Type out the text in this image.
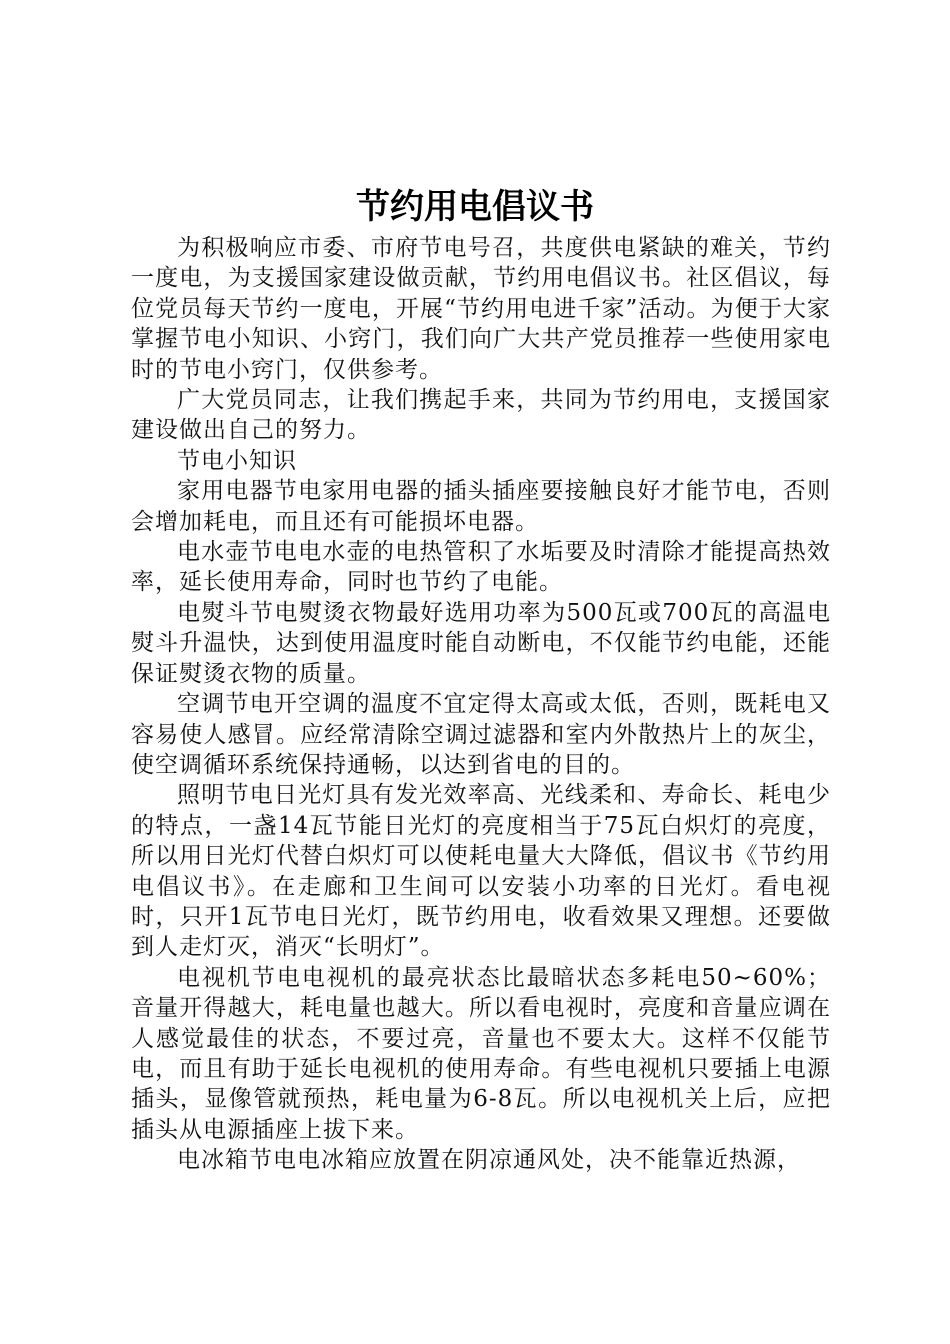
节约用电倡议书

为积极响应市委、市府节电号召，共度供电紧缺的难关，节约一度电，为支援国家建设做贡献，节约用电倡议书。社区倡议，每位党员每天节约一度电，开展“节约用电进千家”活动。为便于大家掌握节电小知识、小窍门，我们向广大共产党员推荐一些使用家电时的节电小窍门，仅供参考。

广大党员同志，让我们携起手来，共同为节约用电，支援国家建设做出自己的努力。

节电小知识

家用电器节电家用电器的插头插座要接触良好才能节电，否则会增加耗电，而且还有可能损坏电器。

电水壶节电电水壶的电热管积了水垢要及时清除才能提高热效率，延长使用寿命，同时也节约了电能。

电熨斗节电熨烫衣物最好选用功率为500瓦或700瓦的高温电熨斗升温快，达到使用温度时能自动断电，不仅能节约电能，还能保证熨烫衣物的质量。

空调节电开空调的温度不宜定得太高或太低，否则，既耗电又容易使人感冒。应经常清除空调过滤器和室内外散热片上的灰尘，使空调循环系统保持通畅，以达到省电的目的。

照明节电日光灯具有发光效率高、光线柔和、寿命长、耗电少的特点，一盏14瓦节能日光灯的亮度相当于75瓦白炽灯的亮度，所以用日光灯代替白炽灯可以使耗电量大大降低，倡议书《节约用电倡议书》。在走廊和卫生间可以安装小功率的日光灯。看电视时，只开1瓦节电日光灯，既节约用电，收看效果又理想。还要做到人走灯灭，消灭“长明灯”。

电视机节电电视机的最亮状态比最暗状态多耗电50~60%；音量开得越大，耗电量也越大。所以看电视时，亮度和音量应调在人感觉最佳的状态，不要过亮，音量也不要太大。这样不仅能节电，而且有助于延长电视机的使用寿命。有些电视机只要插上电源插头，显像管就预热，耗电量为6-8瓦。所以电视机关上后，应把插头从电源插座上拔下来。

电冰箱节电电冰箱应放置在阴凉通风处，决不能靠近热源，
